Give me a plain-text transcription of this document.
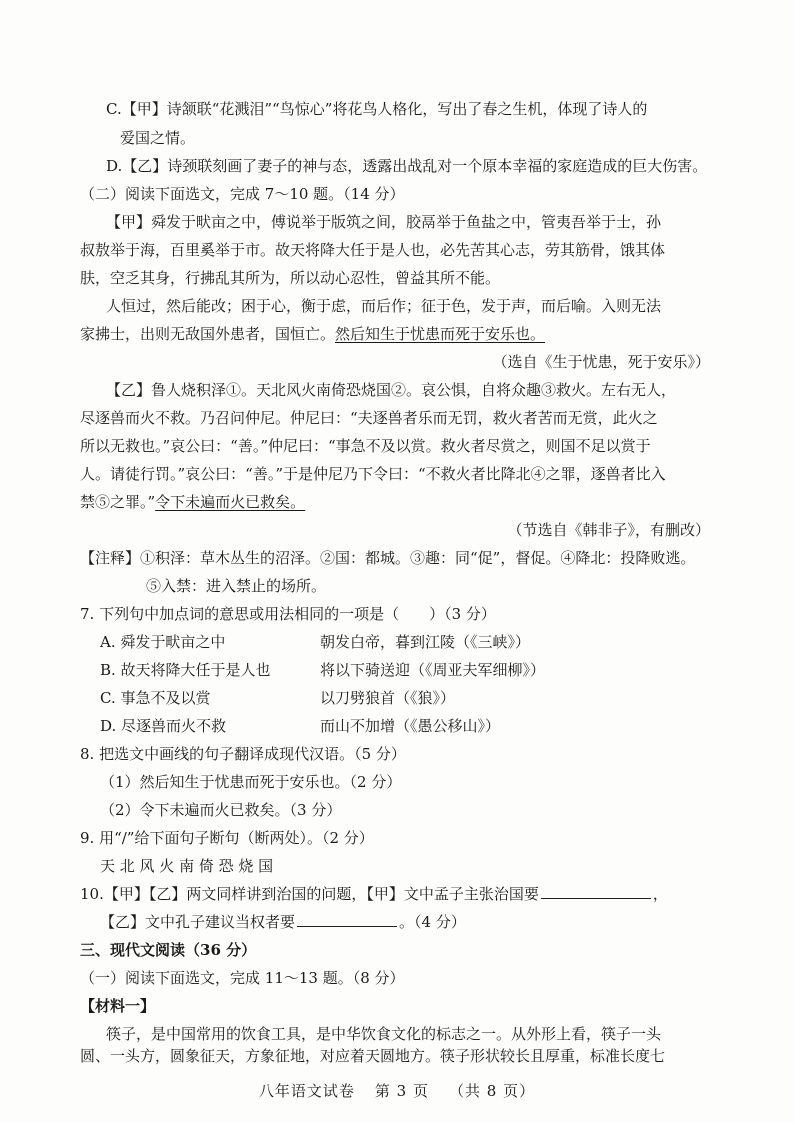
C.【甲】诗颔联“花溅泪”“鸟惊心”将花鸟人格化，写出了春之生机，体现了诗人的
爱国之情。
D.【乙】诗颈联刻画了妻子的神与态，透露出战乱对一个原本幸福的家庭造成的巨大伤害。
（二）阅读下面选文，完成 7～10 题。（14 分）
【甲】舜发于畎亩之中，傅说举于版筑之间，胶鬲举于鱼盐之中，管夷吾举于士，孙
叔敖举于海，百里奚举于市。故天将降大任于是人也，必先苦其心志，劳其筋骨，饿其体
肤，空乏其身，行拂乱其所为，所以动心忍性，曾益其所不能。
人恒过，然后能改；困于心，衡于虑，而后作；征于色，发于声，而后喻。入则无法
家拂士，出则无敌国外患者，国恒亡。然后知生于忧患而死于安乐也。
（选自《生于忧患，死于安乐》）
【乙】鲁人烧积泽①。天北风火南倚恐烧国②。哀公惧，自将众趣③救火。左右无人，
尽逐兽而火不救。乃召问仲尼。仲尼曰：“夫逐兽者乐而无罚，救火者苦而无赏，此火之
所以无救也。”哀公曰：“善。”仲尼曰：“事急不及以赏。救火者尽赏之，则国不足以赏于
人。请徒行罚。”哀公曰：“善。”于是仲尼乃下令曰：“不救火者比降北④之罪，逐兽者比入
禁⑤之罪。”令下未遍而火已救矣。
（节选自《韩非子》，有删改）
【注释】①积泽：草木丛生的沼泽。②国：都城。③趣：同“促”，督促。④降北：投降败逃。
⑤入禁：进入禁止的场所。
7. 下列句中加点词的意思或用法相同的一项是（　　）（3 分）
A. 舜发于畎亩之中	朝发白帝，暮到江陵（《三峡》）
B. 故天将降大任于是人也	将以下骑送迎（《周亚夫军细柳》）
C. 事急不及以赏	以刀劈狼首（《狼》）
D. 尽逐兽而火不救	而山不加增（《愚公移山》）
8. 把选文中画线的句子翻译成现代汉语。（5 分）
（1）然后知生于忧患而死于安乐也。（2 分）
（2）令下未遍而火已救矣。（3 分）
9. 用“/”给下面句子断句（断两处）。（2 分）
天 北 风 火 南 倚 恐 烧 国
10.【甲】【乙】两文同样讲到治国的问题，【甲】文中孟子主张治国要	，
【乙】文中孔子建议当权者要	。（4 分）
三、现代文阅读（36 分）
（一）阅读下面选文，完成 11～13 题。（8 分）
【材料一】
筷子，是中国常用的饮食工具，是中华饮食文化的标志之一。从外形上看，筷子一头
圆、一头方，圆象征天，方象征地，对应着天圆地方。筷子形状较长且厚重，标准长度七
八年语文试卷 第 3 页 （共 8 页）
